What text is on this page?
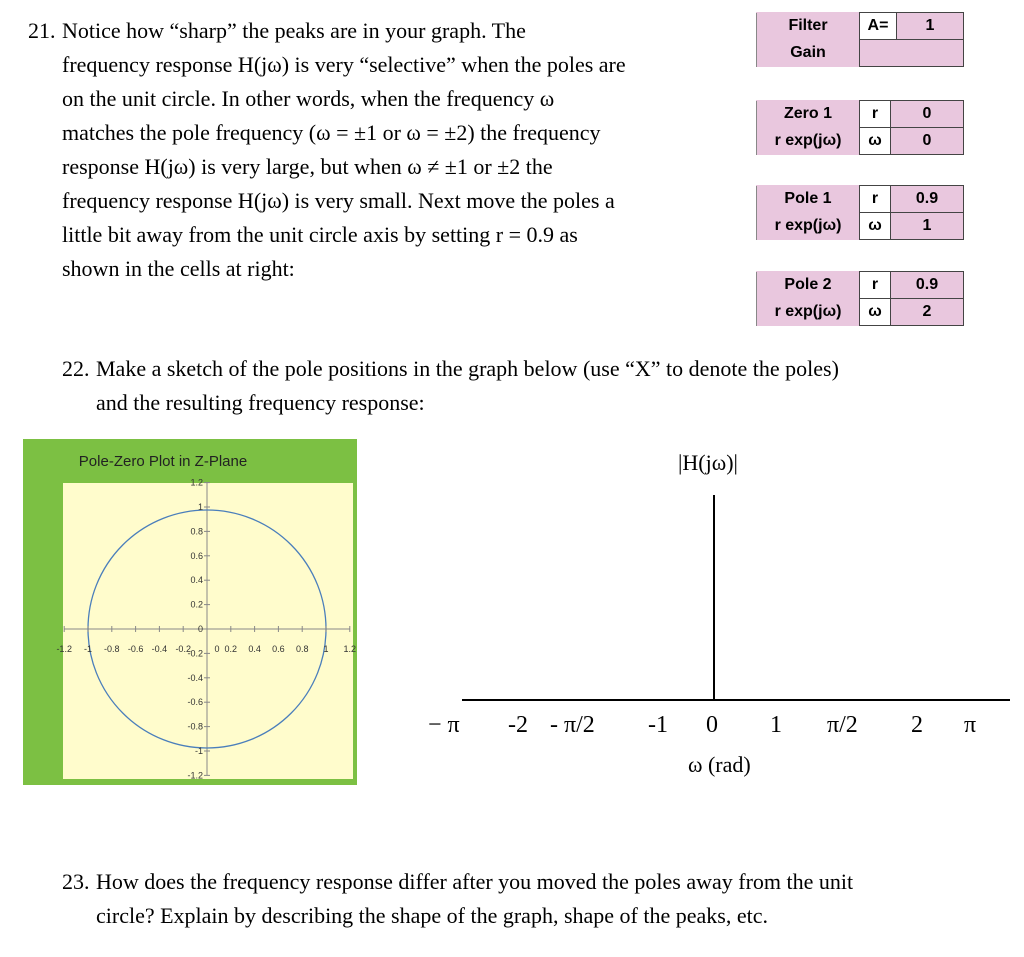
21. Notice how “sharp” the peaks are in your graph. The
frequency response H(jω) is very “selective” when the poles are
on the unit circle. In other words, when the frequency ω
matches the pole frequency (ω = ±1 or ω = ±2) the frequency
response H(jω) is very large, but when ω ≠ ±1 or ±2 the
frequency response H(jω) is very small. Next move the poles a
little bit away from the unit circle axis by setting r = 0.9 as
shown in the cells at right:
Filter	A=	1
Gain		
Zero 1	r	0
r exp(jω)	ω	0
Pole 1	r	0.9
r exp(jω)	ω	1
Pole 2	r	0.9
r exp(jω)	ω	2
22. Make a sketch of the pole positions in the graph below (use “X” to denote the poles)
and the resulting frequency response:
Pole-Zero Plot in Z-Plane
-1.2 -1 -0.8 -0.6 -0.4 -0.2	0.2 0.4 0.6 0.8 1 1.2
0
1.2
1
0.8
0.6
0.4
0.2
0
-0.2
-0.4
-0.6
-0.8
-1
-1.2
|H(jω)|
− π -2 - π/2 -1 0 1 π/2 2 π
ω (rad)
23. How does the frequency response differ after you moved the poles away from the unit
circle? Explain by describing the shape of the graph, shape of the peaks, etc.
